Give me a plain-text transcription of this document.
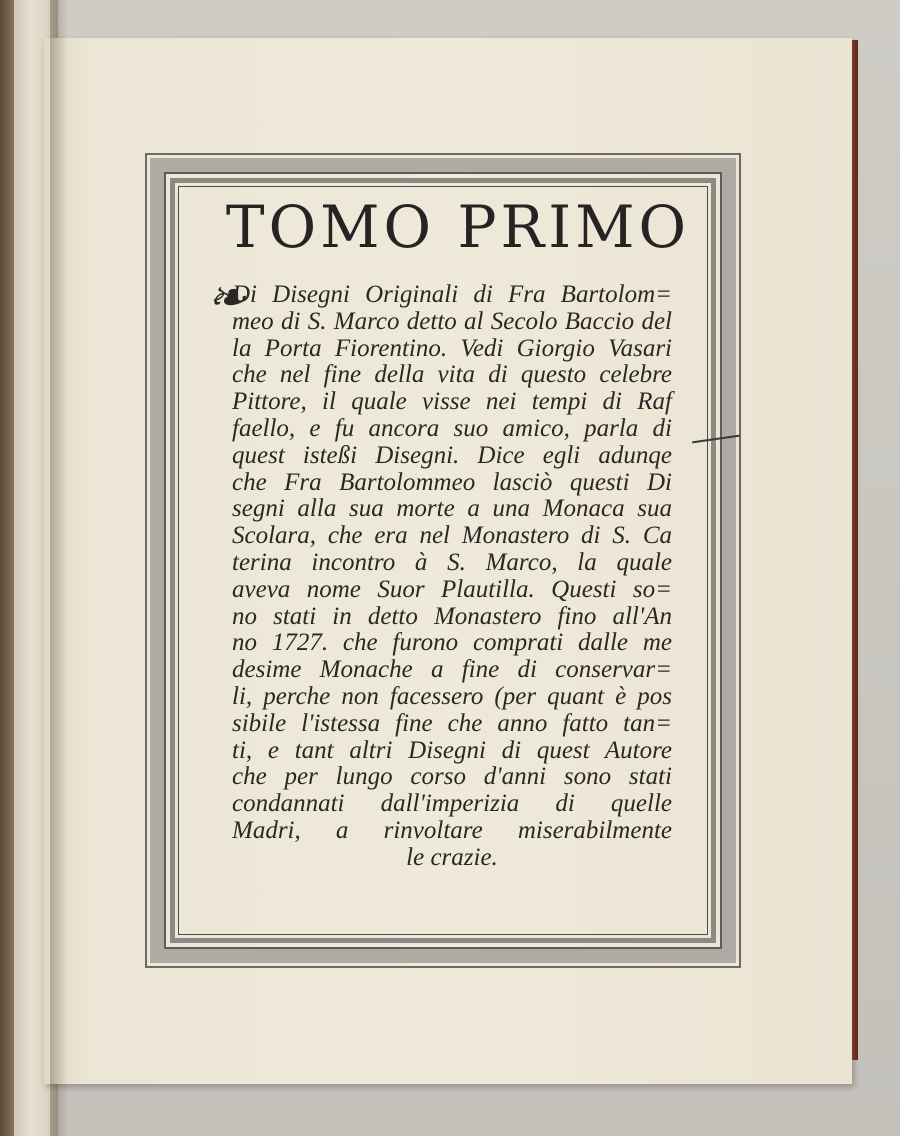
TOMO PRIMO
❧
Di Disegni Originali di Fra Bartolom=
meo di S. Marco detto al Secolo Baccio del
la Porta Fiorentino. Vedi Giorgio Vasari
che nel fine della vita di questo celebre
Pittore, il quale visse nei tempi di Raf
faello, e fu ancora suo amico, parla di
quest isteßi Disegni. Dice egli adunqe
che Fra Bartolommeo lasciò questi Di
segni alla sua morte a una Monaca sua
Scolara, che era nel Monastero di S. Ca
terina incontro à S. Marco, la quale
aveva nome Suor Plautilla. Questi so=
no stati in detto Monastero fino all'An
no 1727. che furono comprati dalle me
desime Monache a fine di conservar=
li, perche non facessero (per quant è pos
sibile l'istessa fine che anno fatto tan=
ti, e tant altri Disegni di quest Autore
che per lungo corso d'anni sono stati
condannati dall'imperizia di quelle
Madri, a rinvoltare miserabilmente
le crazie.
